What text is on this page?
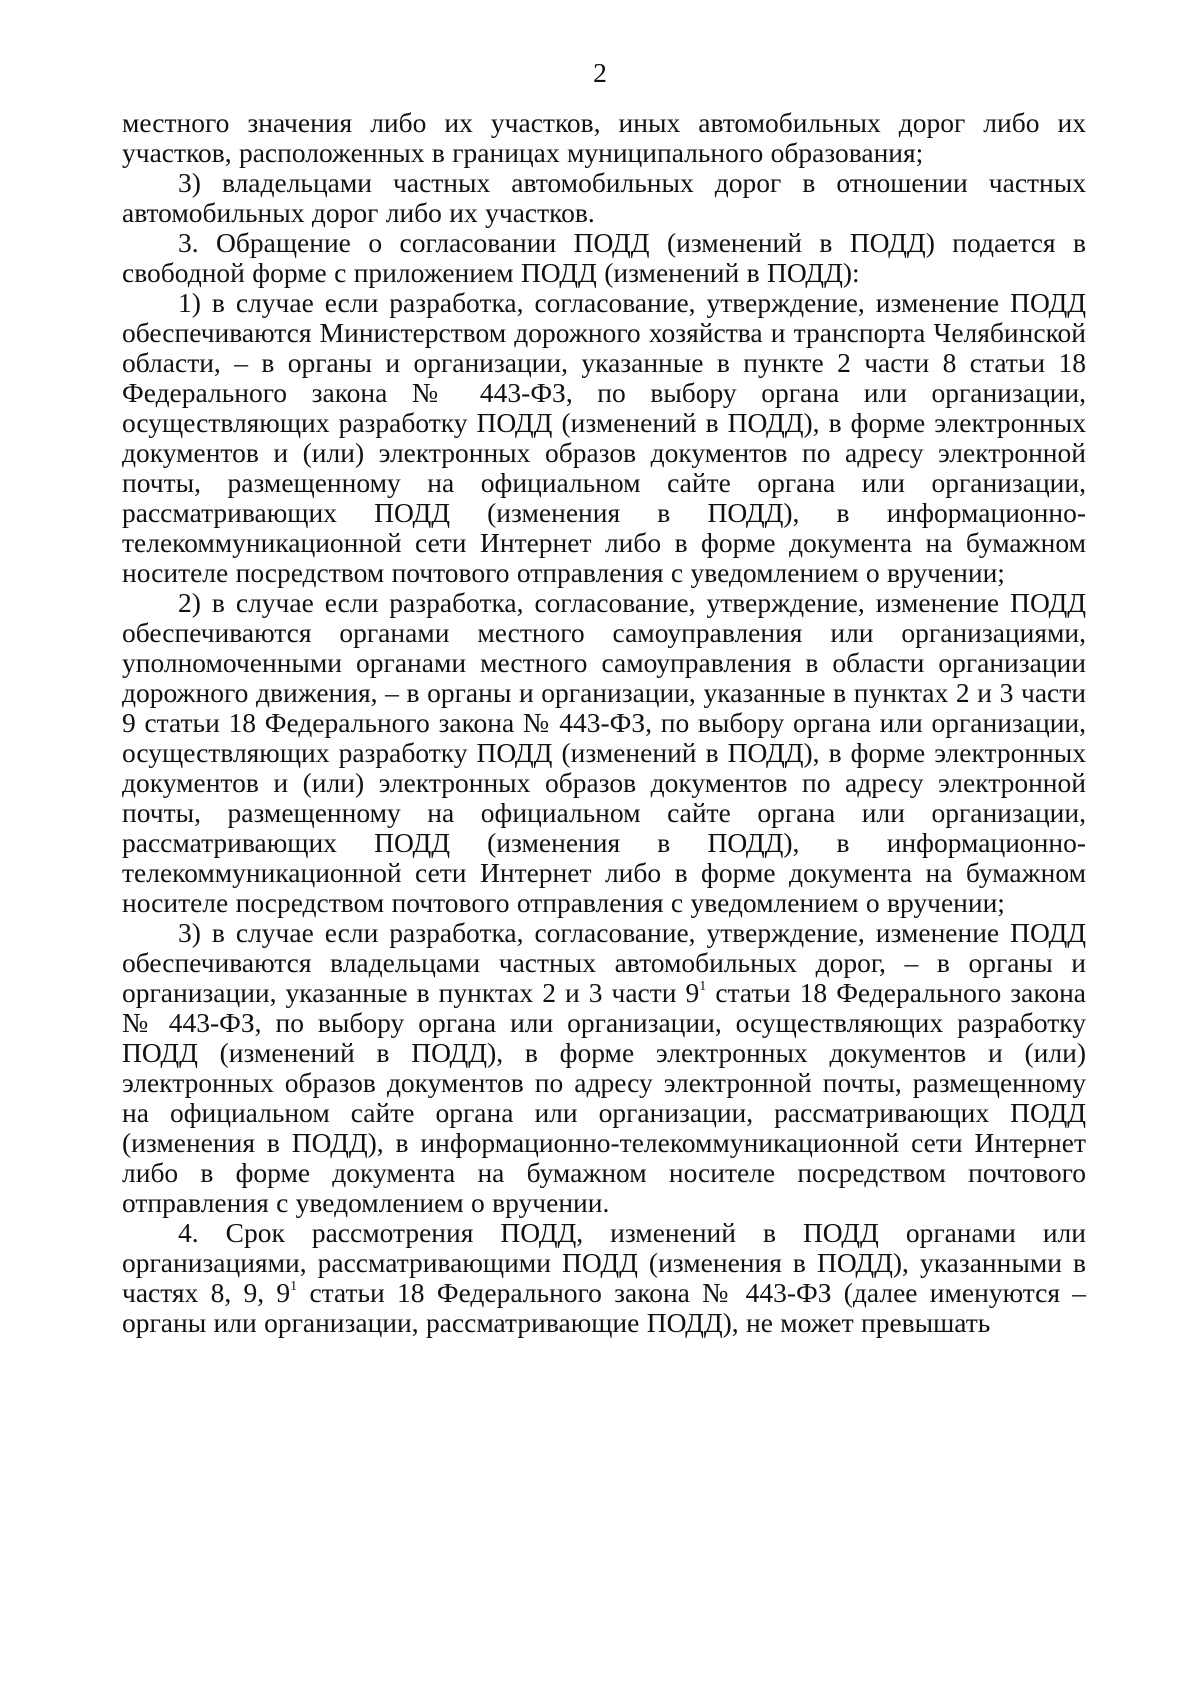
2

местного значения либо их участков, иных автомобильных дорог либо их участков, расположенных в границах муниципального образования;

3) владельцами частных автомобильных дорог в отношении частных автомобильных дорог либо их участков.

3. Обращение о согласовании ПОДД (изменений в ПОДД) подается в свободной форме с приложением ПОДД (изменений в ПОДД):

1) в случае если разработка, согласование, утверждение, изменение ПОДД обеспечиваются Министерством дорожного хозяйства и транспорта Челябинской области, – в органы и организации, указанные в пункте 2 части 8 статьи 18 Федерального закона № 443-ФЗ, по выбору органа или организации, осуществляющих разработку ПОДД (изменений в ПОДД), в форме электронных документов и (или) электронных образов документов по адресу электронной почты, размещенному на официальном сайте органа или организации, рассматривающих ПОДД (изменения в ПОДД), в информационно-телекоммуникационной сети Интернет либо в форме документа на бумажном носителе посредством почтового отправления с уведомлением о вручении;

2) в случае если разработка, согласование, утверждение, изменение ПОДД обеспечиваются органами местного самоуправления или организациями, уполномоченными органами местного самоуправления в области организации дорожного движения, – в органы и организации, указанные в пунктах 2 и 3 части 9 статьи 18 Федерального закона № 443-ФЗ, по выбору органа или организации, осуществляющих разработку ПОДД (изменений в ПОДД), в форме электронных документов и (или) электронных образов документов по адресу электронной почты, размещенному на официальном сайте органа или организации, рассматривающих ПОДД (изменения в ПОДД), в информационно-телекоммуникационной сети Интернет либо в форме документа на бумажном носителе посредством почтового отправления с уведомлением о вручении;

3) в случае если разработка, согласование, утверждение, изменение ПОДД обеспечиваются владельцами частных автомобильных дорог, – в органы и организации, указанные в пунктах 2 и 3 части $9^1$ статьи 18 Федерального закона № 443-ФЗ, по выбору органа или организации, осуществляющих разработку ПОДД (изменений в ПОДД), в форме электронных документов и (или) электронных образов документов по адресу электронной почты, размещенному на официальном сайте органа или организации, рассматривающих ПОДД (изменения в ПОДД), в информационно-телекоммуникационной сети Интернет либо в форме документа на бумажном носителе посредством почтового отправления с уведомлением о вручении.

4. Срок рассмотрения ПОДД, изменений в ПОДД органами или организациями, рассматривающими ПОДД (изменения в ПОДД), указанными в частях 8, 9, $9^1$ статьи 18 Федерального закона № 443-ФЗ (далее именуются – органы или организации, рассматривающие ПОДД), не может превышать
